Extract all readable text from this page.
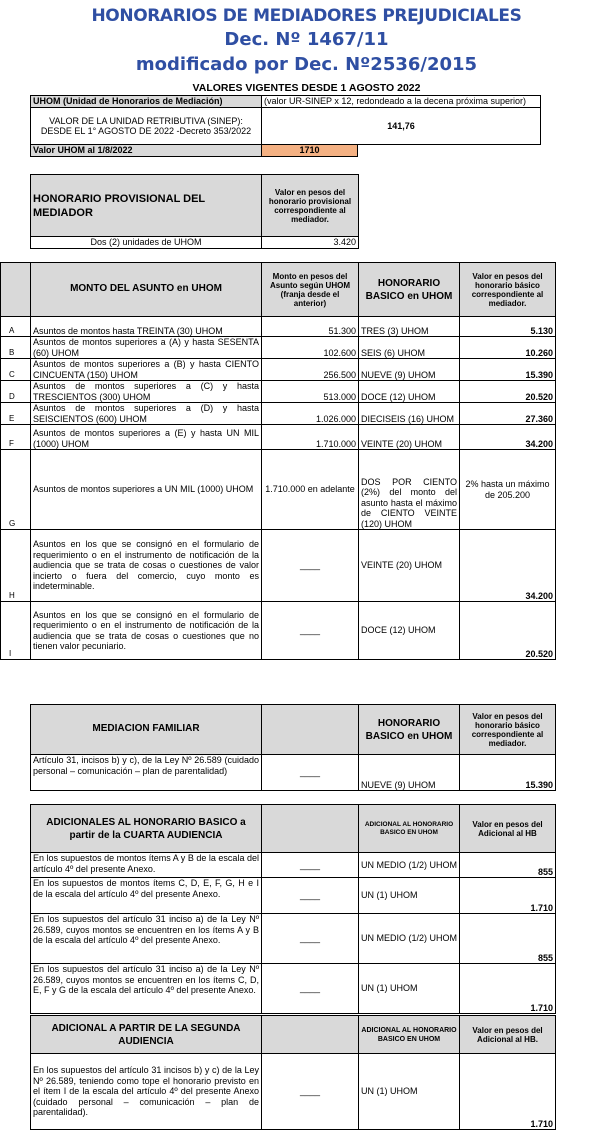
HONORARIOS DE MEDIADORES PREJUDICIALES
Dec. Nº 1467/11
modificado por Dec. Nº2536/2015
VALORES VIGENTES DESDE 1 AGOSTO 2022
UHOM (Unidad de Honorarios de Mediación)	(valor UR-SINEP x 12, redondeado a la decena próxima superior)	
VALOR DE LA UNIDAD RETRIBUTIVA (SINEP): DESDE EL 1° AGOSTO DE 2022 -Decreto 353/2022	141,76	
Valor UHOM al 1/8/2022	1710	
HONORARIO PROVISIONAL DEL MEDIADOR	Valor en pesos del honorario provisional correspondiente al mediador.
Dos (2) unidades de UHOM	3.420
	MONTO DEL ASUNTO en UHOM	Monto en pesos del Asunto según UHOM (franja desde el anterior)	HONORARIO BASICO en UHOM	Valor en pesos del honorario básico correspondiente al mediador.
A	Asuntos de montos hasta TREINTA (30) UHOM	51.300	TRES (3) UHOM	5.130
B	Asuntos de montos superiores a (A) y hasta SESENTA (60) UHOM	102.600	SEIS (6) UHOM	10.260
C	Asuntos de montos superiores a (B) y hasta CIENTO CINCUENTA (150) UHOM	256.500	NUEVE (9) UHOM	15.390
D	Asuntos de montos superiores a (C) y hasta TRESCIENTOS (300) UHOM	513.000	DOCE (12) UHOM	20.520
E	Asuntos de montos superiores a (D) y hasta SEISCIENTOS (600) UHOM	1.026.000	DIECISEIS (16) UHOM	27.360
F	Asuntos de montos superiores a (E) y hasta UN MIL (1000) UHOM	1.710.000	VEINTE (20) UHOM	34.200
G	Asuntos de montos superiores a UN MIL (1000) UHOM	1.710.000 en adelante	DOS POR CIENTO (2%) del monto del asunto hasta el máximo de CIENTO VEINTE (120) UHOM	2% hasta un máximo de 205.200
H	Asuntos en los que se consignó en el formulario de requerimiento o en el instrumento de notificación de la audiencia que se trata de cosas o cuestiones de valor incierto o fuera del comercio, cuyo monto es indeterminable.	____	VEINTE (20) UHOM	34.200
I	Asuntos en los que se consignó en el formulario de requerimiento o en el instrumento de notificación de la audiencia que se trata de cosas o cuestiones que no tienen valor pecuniario.	____	DOCE (12) UHOM	20.520
MEDIACION FAMILIAR		HONORARIO BASICO en UHOM	Valor en pesos del honorario básico correspondiente al mediador.
Artículo 31, incisos b) y c), de la Ley Nº 26.589 (cuidado personal – comunicación – plan de parentalidad)	____	NUEVE (9) UHOM	15.390
ADICIONALES AL HONORARIO BASICO a partir de la CUARTA AUDIENCIA		ADICIONAL AL HONORARIO BASICO EN UHOM	Valor en pesos del Adicional al HB
En los supuestos de montos ítems A y B de la escala del artículo 4º del presente Anexo.	____	UN MEDIO (1/2) UHOM	855
En los supuestos de montos ítems C, D, E, F, G, H e I de la escala del artículo 4º del presente Anexo.	____	UN (1) UHOM	1.710
En los supuestos del artículo 31 inciso a) de la Ley Nº 26.589, cuyos montos se encuentren en los ítems A y B de la escala del artículo 4º del presente Anexo.	____	UN MEDIO (1/2) UHOM	855
En los supuestos del artículo 31 inciso a) de la Ley Nº 26.589, cuyos montos se encuentren en los ítems C, D, E, F y G de la escala del artículo 4º del presente Anexo.	____	UN (1) UHOM	1.710
ADICIONAL A PARTIR DE LA SEGUNDA AUDIENCIA		ADICIONAL AL HONORARIO BASICO EN UHOM	Valor en pesos del Adicional al HB.
En los supuestos del artículo 31 incisos b) y c) de la Ley Nº 26.589, teniendo como tope el honorario previsto en el ítem I de la escala del artículo 4º del presente Anexo (cuidado personal – comunicación – plan de parentalidad).	____	UN (1) UHOM	1.710
